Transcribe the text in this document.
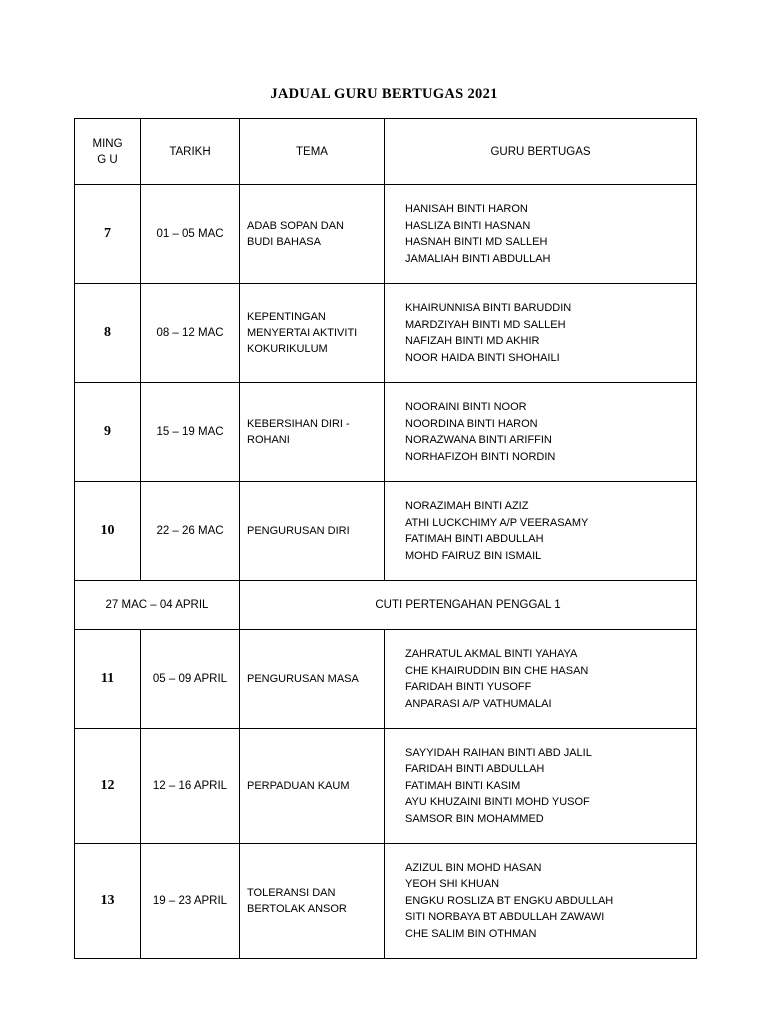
JADUAL GURU BERTUGAS 2021
MINGG U	TARIKH	TEMA	GURU BERTUGAS
7	01 – 05 MAC	ADAB SOPAN DAN
BUDI BAHASA	HANISAH BINTI HARON
HASLIZA BINTI HASNAN
HASNAH BINTI MD SALLEH
JAMALIAH BINTI ABDULLAH

8	08 – 12 MAC	KEPENTINGAN
MENYERTAI AKTIVITI
KOKURIKULUM	KHAIRUNNISA BINTI BARUDDIN
MARDZIYAH BINTI MD SALLEH
NAFIZAH BINTI MD AKHIR
NOOR HAIDA BINTI SHOHAILI

9	15 – 19 MAC	KEBERSIHAN DIRI -
ROHANI	NOORAINI BINTI NOOR
NOORDINA BINTI HARON
NORAZWANA BINTI ARIFFIN
NORHAFIZOH BINTI NORDIN

10	22 – 26 MAC	PENGURUSAN DIRI	NORAZIMAH BINTI AZIZ
ATHI LUCKCHIMY A/P VEERASAMY
FATIMAH BINTI ABDULLAH
MOHD FAIRUZ BIN ISMAIL

27 MAC – 04 APRIL		CUTI PERTENGAHAN PENGGAL 1	
11	05 – 09 APRIL	PENGURUSAN MASA	ZAHRATUL AKMAL BINTI YAHAYA
CHE KHAIRUDDIN BIN CHE HASAN
FARIDAH BINTI YUSOFF
ANPARASI A/P VATHUMALAI

12	12 – 16 APRIL	PERPADUAN KAUM	SAYYIDAH RAIHAN BINTI ABD JALIL
FARIDAH BINTI ABDULLAH
FATIMAH BINTI KASIM
AYU KHUZAINI BINTI MOHD YUSOF
SAMSOR BIN MOHAMMED

13	19 – 23 APRIL	TOLERANSI DAN
BERTOLAK ANSOR	AZIZUL BIN MOHD HASAN
YEOH SHI KHUAN
ENGKU ROSLIZA BT ENGKU ABDULLAH
SITI NORBAYA BT ABDULLAH ZAWAWI
CHE SALIM BIN OTHMAN
